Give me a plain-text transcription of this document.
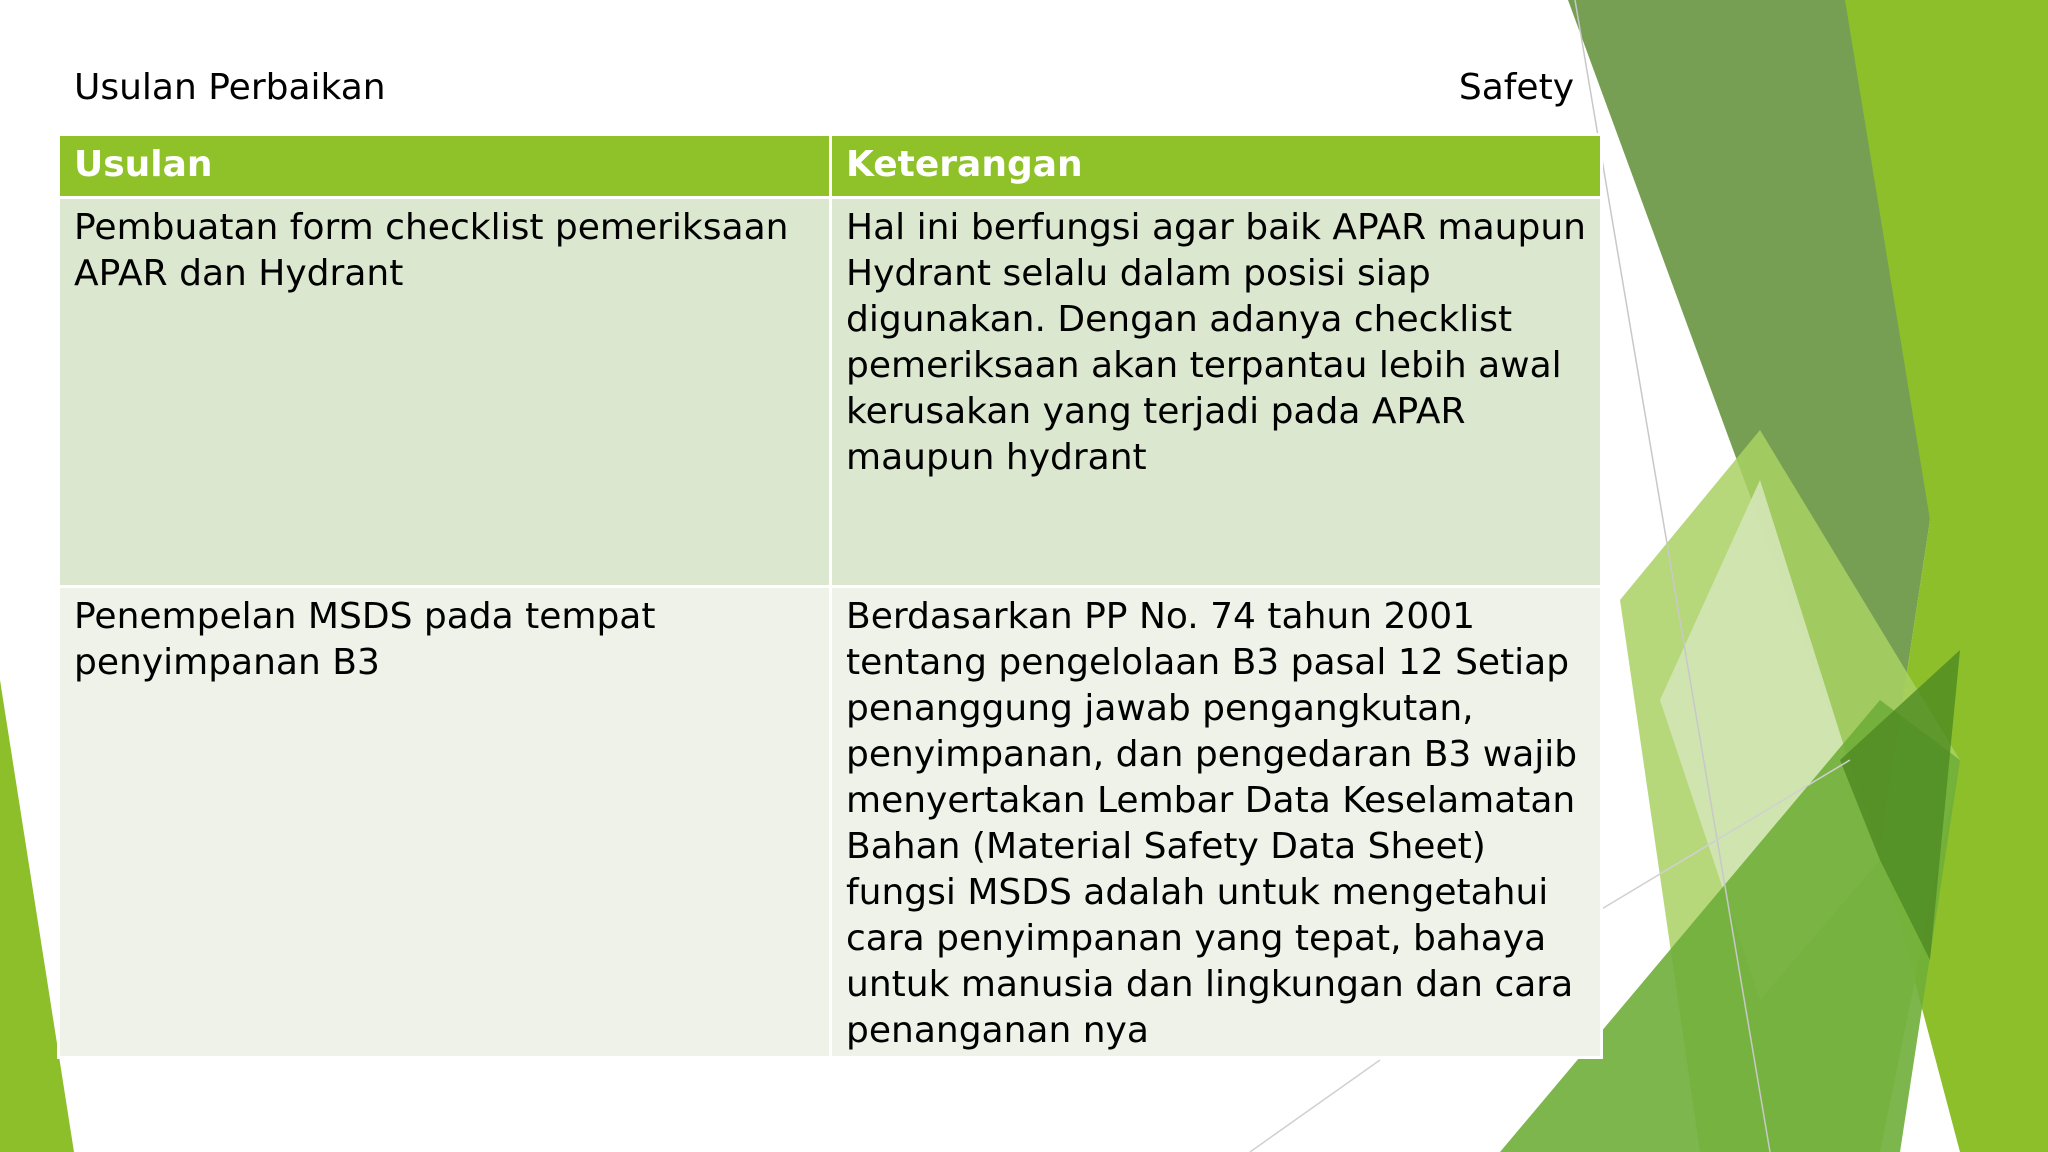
Usulan Perbaikan	Safety
Usulan	Keterangan
Pembuatan form checklist pemeriksaan APAR dan Hydrant	Hal ini berfungsi agar baik APAR maupun Hydrant selalu dalam posisi siap digunakan. Dengan adanya checklist pemeriksaan akan terpantau lebih awal kerusakan yang terjadi pada APAR maupun hydrant
Penempelan MSDS pada tempat penyimpanan B3	Berdasarkan PP No. 74 tahun 2001 tentang pengelolaan B3 pasal 12 Setiap penanggung jawab pengangkutan, penyimpanan, dan pengedaran B3 wajib menyertakan Lembar Data Keselamatan Bahan (Material Safety Data Sheet) fungsi MSDS adalah untuk mengetahui cara penyimpanan yang tepat, bahaya untuk manusia dan lingkungan dan cara penanganan nya
